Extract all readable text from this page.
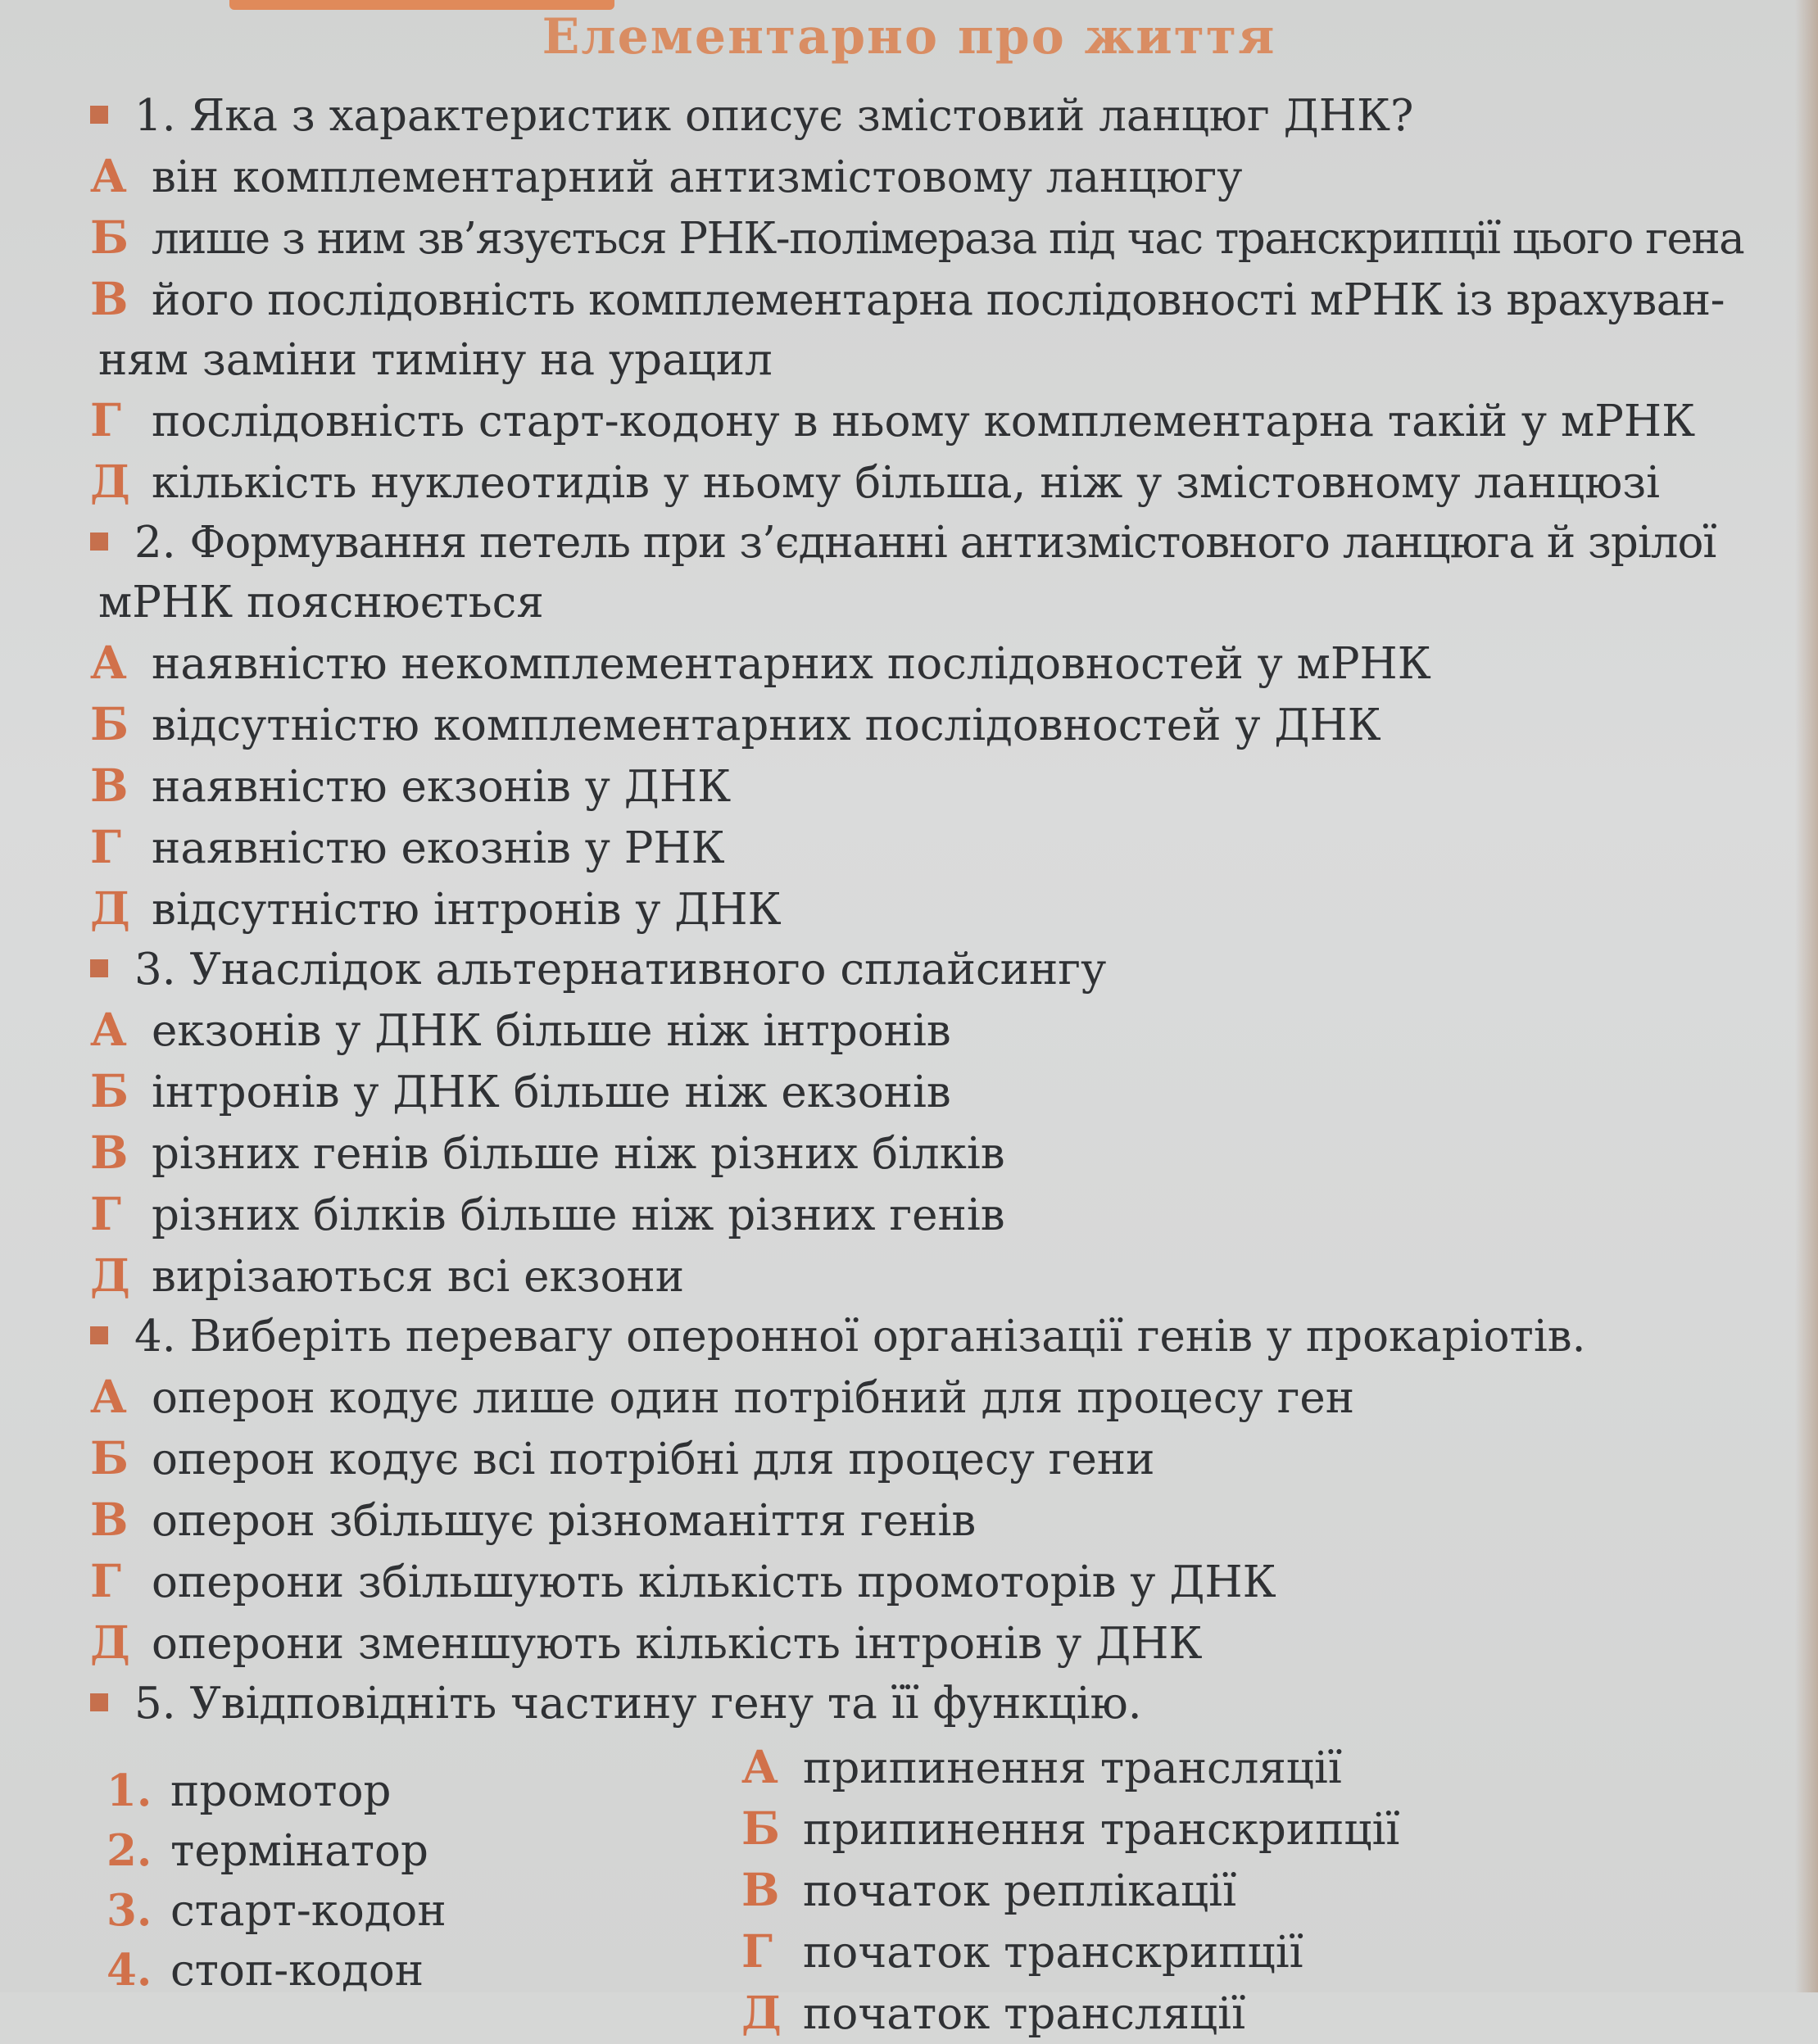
Елементарно про життя
1.
Яка з характеристик описує змістовий ланцюг ДНК?
А він комплементарний антизмістовому ланцюгу
Б лише з ним зв’язується РНК-полімераза під час транскрипції цього гена
В його послідовність комплементарна послідовності мРНК із врахуван-
ням заміни тиміну на урацил
Г послідовність старт-кодону в ньому комплементарна такій у мРНК
Д кількість нуклеотидів у ньому більша, ніж у змістовному ланцюзі
2.
Формування петель при з’єднанні антизмістовного ланцюга й зрілої
мРНК пояснюється
А наявністю некомплементарних послідовностей у мРНК
Б відсутністю комплементарних послідовностей у ДНК
В наявністю екзонів у ДНК
Г наявністю екознів у РНК
Д відсутністю інтронів у ДНК
3.
Унаслідок альтернативного сплайсингу
А екзонів у ДНК більше ніж інтронів
Б інтронів у ДНК більше ніж екзонів
В різних генів більше ніж різних білків
Г різних білків більше ніж різних генів
Д вирізаються всі екзони
4.
Виберіть перевагу оперонної організації генів у прокаріотів.
А оперон кодує лише один потрібний для процесу ген
Б оперон кодує всі потрібні для процесу гени
В оперон збільшує різноманіття генів
Г оперони збільшують кількість промоторів у ДНК
Д оперони зменшують кількість інтронів у ДНК
5.
Увідповідніть частину гену та її функцію.
1. промотор
2. термінатор
3. старт-кодон
4. стоп-кодон
А припинення трансляції
Б припинення транскрипції
В початок реплікації
Г початок транскрипції
Д початок трансляції
